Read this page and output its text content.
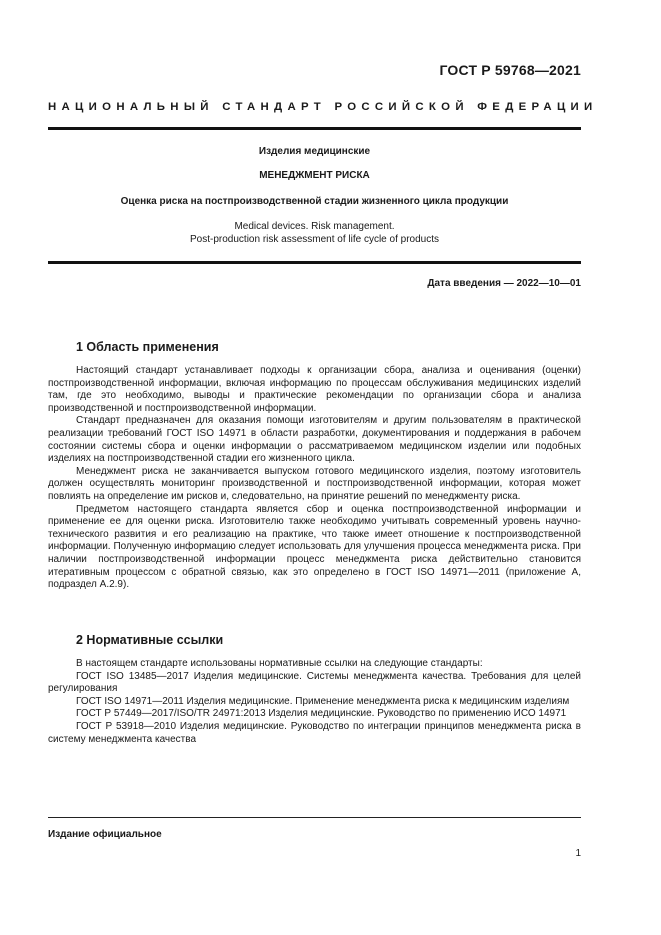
ГОСТ Р 59768—2021
НАЦИОНАЛЬНЫЙ СТАНДАРТ РОССИЙСКОЙ ФЕДЕРАЦИИ
Изделия медицинские
МЕНЕДЖМЕНТ РИСКА
Оценка риска на постпроизводственной стадии жизненного цикла продукции
Medical devices. Risk management.
Post-production risk assessment of life cycle of products
Дата введения — 2022—10—01
1 Область применения

Настоящий стандарт устанавливает подходы к организации сбора, анализа и оценивания (оценки) постпроизводственной информации, включая информацию по процессам обслуживания медицинских изделий там, где это необходимо, выводы и практические рекомендации по организации сбора и анализа производственной и постпроизводственной информации.

Стандарт предназначен для оказания помощи изготовителям и другим пользователям в практической реализации требований ГОСТ ISO 14971 в области разработки, документирования и поддержания в рабочем состоянии системы сбора и оценки информации о рассматриваемом медицинском изделии или подобных изделиях на постпроизводственной стадии его жизненного цикла.

Менеджмент риска не заканчивается выпуском готового медицинского изделия, поэтому изготовитель должен осуществлять мониторинг производственной и постпроизводственной информации, которая может повлиять на определение им рисков и, следовательно, на принятие решений по менеджменту риска.

Предметом настоящего стандарта является сбор и оценка постпроизводственной информации и применение ее для оценки риска. Изготовителю также необходимо учитывать современный уровень научно-технического развития и его реализацию на практике, что также имеет отношение к постпроизводственной информации. Полученную информацию следует использовать для улучшения процесса менеджмента риска. При наличии постпроизводственной информации процесс менеджмента риска действительно становится итеративным процессом с обратной связью, как это определено в ГОСТ ISO 14971—2011 (приложение А, подраздел А.2.9).

2 Нормативные ссылки

В настоящем стандарте использованы нормативные ссылки на следующие стандарты:

ГОСТ ISO 13485—2017 Изделия медицинские. Системы менеджмента качества. Требования для целей регулирования

ГОСТ ISO 14971—2011 Изделия медицинские. Применение менеджмента риска к медицинским изделиям

ГОСТ Р 57449—2017/ISO/TR 24971:2013 Изделия медицинские. Руководство по применению ИСО 14971

ГОСТ Р 53918—2010 Изделия медицинские. Руководство по интеграции принципов менеджмента риска в систему менеджмента качества

Издание официальное
1
